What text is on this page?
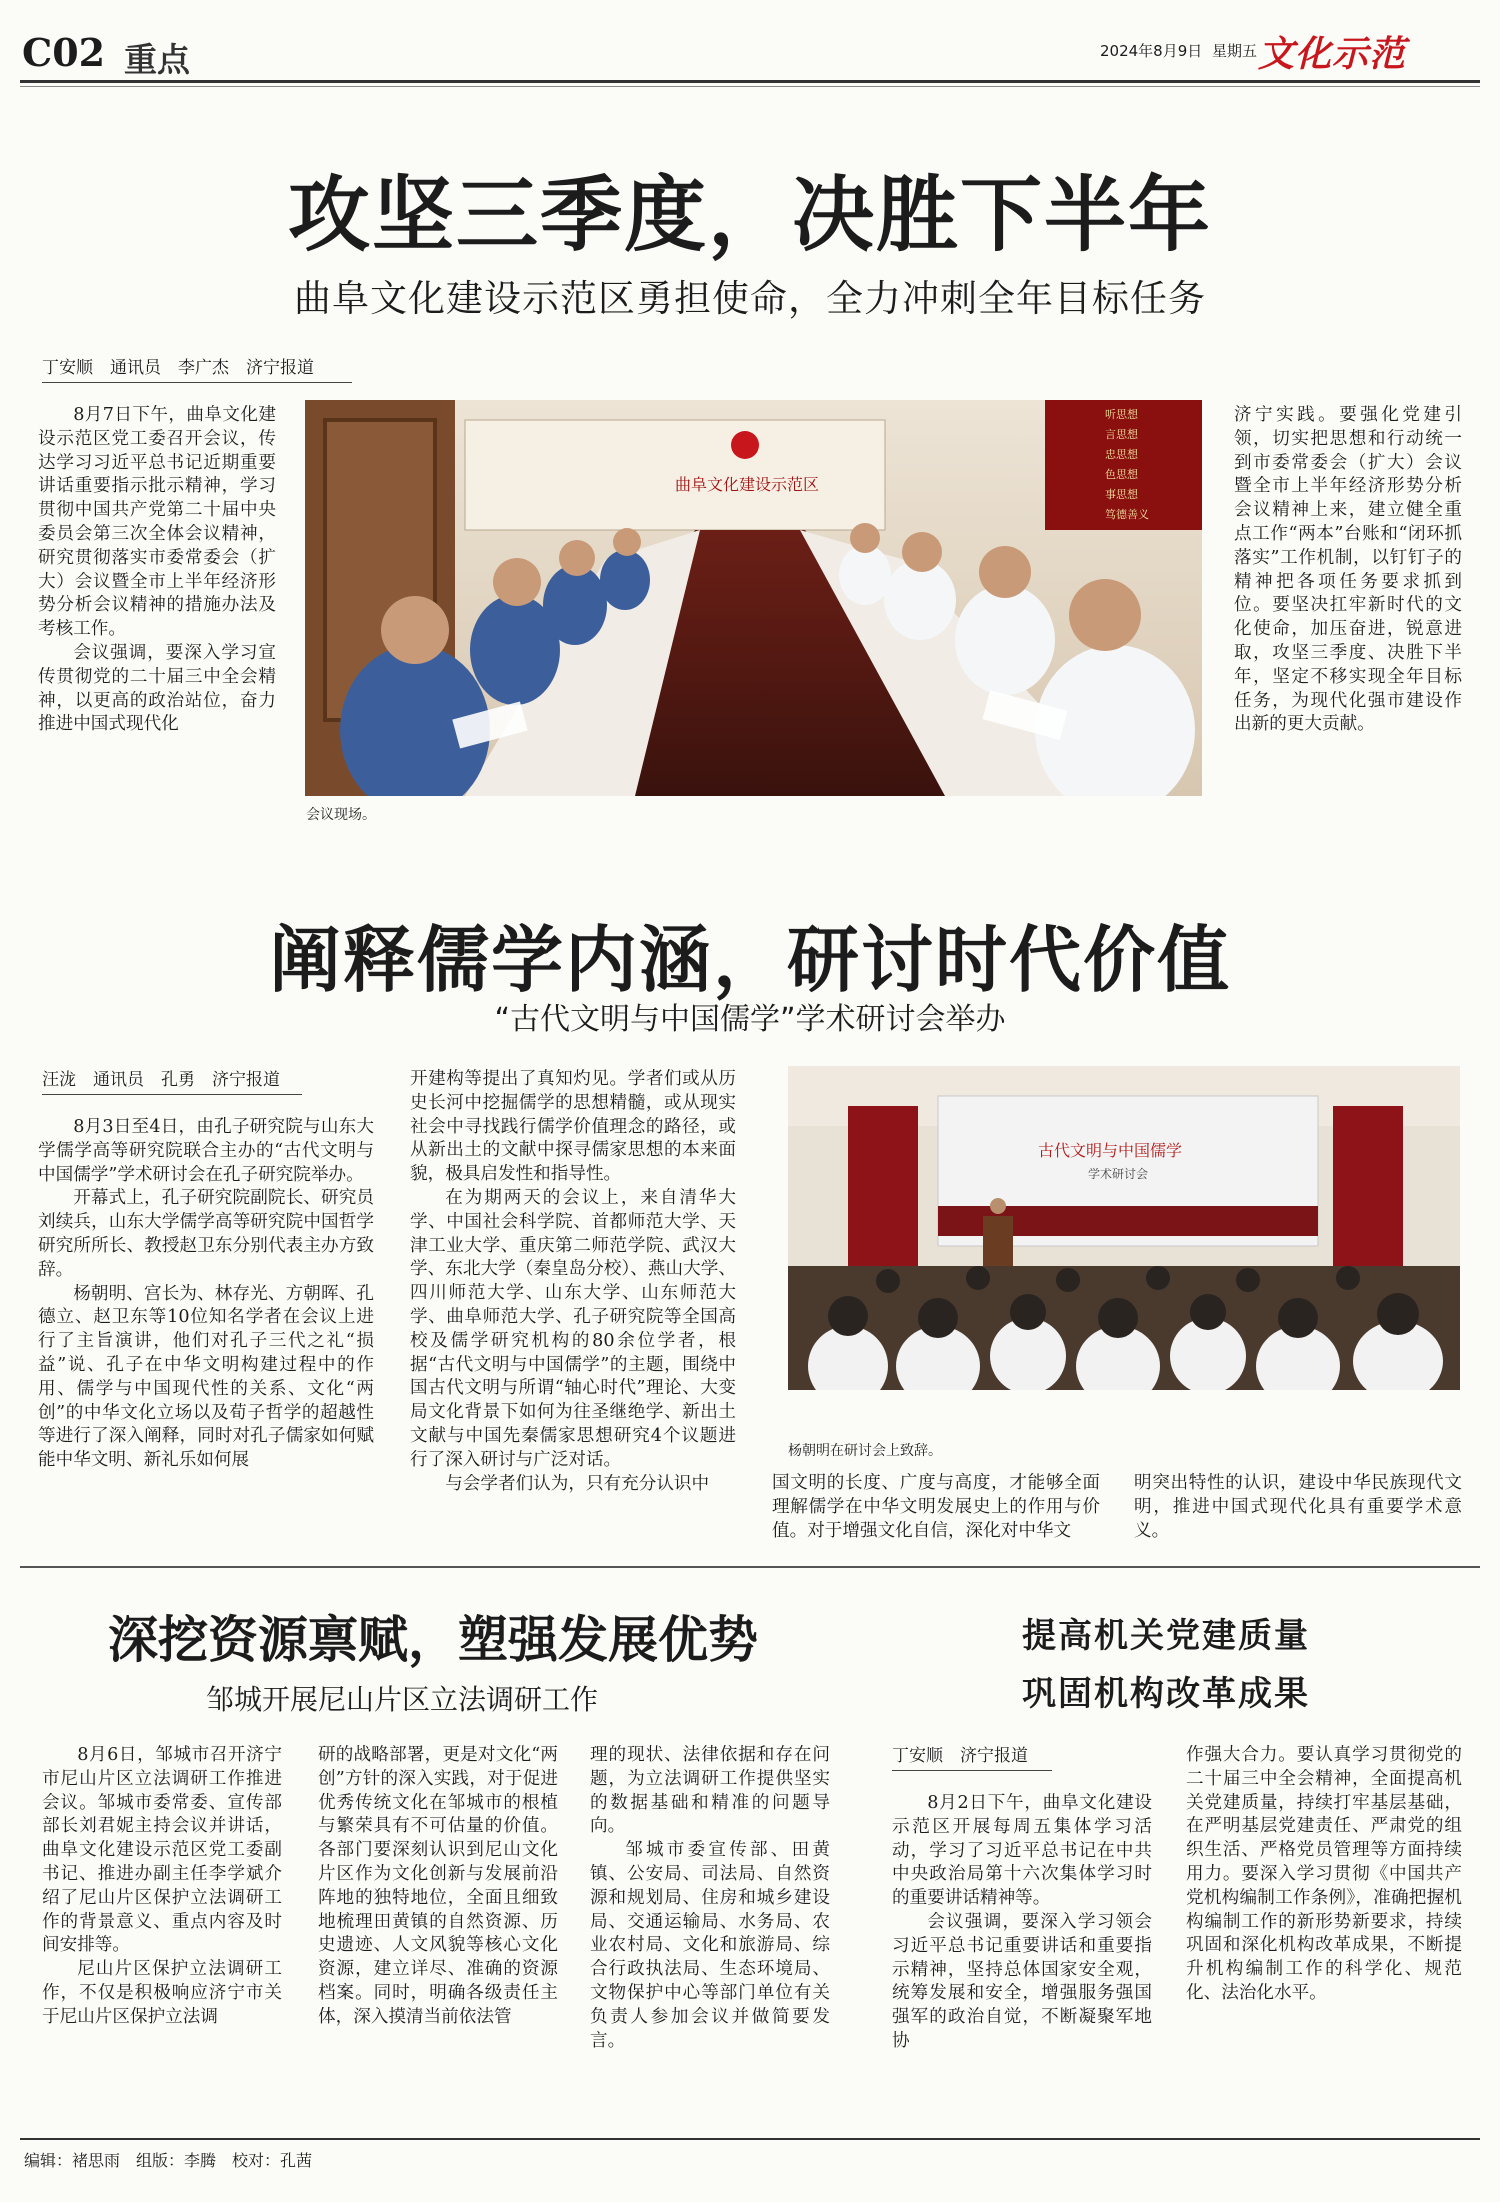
C02 重点	2024年8月9日 星期五 文化示范
攻坚三季度，决胜下半年
曲阜文化建设示范区勇担使命，全力冲刺全年目标任务
丁安顺　通讯员　李广杰　济宁报道

8月7日下午，曲阜文化建设示范区党工委召开会议，传达学习习近平总书记近期重要讲话重要指示批示精神，学习贯彻中国共产党第二十届中央委员会第三次全体会议精神，研究贯彻落实市委常委会（扩大）会议暨全市上半年经济形势分析会议精神的措施办法及考核工作。

会议强调，要深入学习宣传贯彻党的二十届三中全会精神，以更高的政治站位，奋力推进中国式现代化

曲阜文化建设示范区
听思想
言思想
忠思想
色思想
事思想
笃德善义
会议现场。

济宁实践。要强化党建引领，切实把思想和行动统一到市委常委会（扩大）会议暨全市上半年经济形势分析会议精神上来，建立健全重点工作“两本”台账和“闭环抓落实”工作机制，以钉钉子的精神把各项任务要求抓到位。要坚决扛牢新时代的文化使命，加压奋进，锐意进取，攻坚三季度、决胜下半年，坚定不移实现全年目标任务，为现代化强市建设作出新的更大贡献。

阐释儒学内涵，研讨时代价值
“古代文明与中国儒学”学术研讨会举办
汪泷　通讯员　孔勇　济宁报道

8月3日至4日，由孔子研究院与山东大学儒学高等研究院联合主办的“古代文明与中国儒学”学术研讨会在孔子研究院举办。

开幕式上，孔子研究院副院长、研究员刘续兵，山东大学儒学高等研究院中国哲学研究所所长、教授赵卫东分别代表主办方致辞。

杨朝明、宫长为、林存光、方朝晖、孔德立、赵卫东等10位知名学者在会议上进行了主旨演讲，他们对孔子三代之礼“损益”说、孔子在中华文明构建过程中的作用、儒学与中国现代性的关系、文化“两创”的中华文化立场以及荀子哲学的超越性等进行了深入阐释，同时对孔子儒家如何赋能中华文明、新礼乐如何展

开建构等提出了真知灼见。学者们或从历史长河中挖掘儒学的思想精髓，或从现实社会中寻找践行儒学价值理念的路径，或从新出土的文献中探寻儒家思想的本来面貌，极具启发性和指导性。

在为期两天的会议上，来自清华大学、中国社会科学院、首都师范大学、天津工业大学、重庆第二师范学院、武汉大学、东北大学（秦皇岛分校）、燕山大学、四川师范大学、山东大学、山东师范大学、曲阜师范大学、孔子研究院等全国高校及儒学研究机构的80余位学者，根据“古代文明与中国儒学”的主题，围绕中国古代文明与所谓“轴心时代”理论、大变局文化背景下如何为往圣继绝学、新出土文献与中国先秦儒家思想研究4个议题进行了深入研讨与广泛对话。

与会学者们认为，只有充分认识中

古代文明与中国儒学
学术研讨会
杨朝明在研讨会上致辞。

国文明的长度、广度与高度，才能够全面理解儒学在中华文明发展史上的作用与价值。对于增强文化自信，深化对中华文

明突出特性的认识，建设中华民族现代文明，推进中国式现代化具有重要学术意义。

深挖资源禀赋，塑强发展优势
邹城开展尼山片区立法调研工作

8月6日，邹城市召开济宁市尼山片区立法调研工作推进会议。邹城市委常委、宣传部部长刘君妮主持会议并讲话，曲阜文化建设示范区党工委副书记、推进办副主任李学斌介绍了尼山片区保护立法调研工作的背景意义、重点内容及时间安排等。

尼山片区保护立法调研工作，不仅是积极响应济宁市关于尼山片区保护立法调

研的战略部署，更是对文化“两创”方针的深入实践，对于促进优秀传统文化在邹城市的根植与繁荣具有不可估量的价值。各部门要深刻认识到尼山文化片区作为文化创新与发展前沿阵地的独特地位，全面且细致地梳理田黄镇的自然资源、历史遗迹、人文风貌等核心文化资源，建立详尽、准确的资源档案。同时，明确各级责任主体，深入摸清当前依法管

理的现状、法律依据和存在问题，为立法调研工作提供坚实的数据基础和精准的问题导向。

邹城市委宣传部、田黄镇、公安局、司法局、自然资源和规划局、住房和城乡建设局、交通运输局、水务局、农业农村局、文化和旅游局、综合行政执法局、生态环境局、文物保护中心等部门单位有关负责人参加会议并做简要发言。

提高机关党建质量
巩固机构改革成果
丁安顺　济宁报道

8月2日下午，曲阜文化建设示范区开展每周五集体学习活动，学习了习近平总书记在中共中央政治局第十六次集体学习时的重要讲话精神等。

会议强调，要深入学习领会习近平总书记重要讲话和重要指示精神，坚持总体国家安全观，统筹发展和安全，增强服务强国强军的政治自觉，不断凝聚军地协

作强大合力。要认真学习贯彻党的二十届三中全会精神，全面提高机关党建质量，持续打牢基层基础，在严明基层党建责任、严肃党的组织生活、严格党员管理等方面持续用力。要深入学习贯彻《中国共产党机构编制工作条例》，准确把握机构编制工作的新形势新要求，持续巩固和深化机构改革成果，不断提升机构编制工作的科学化、规范化、法治化水平。

编辑：褚思雨　组版：李腾　校对：孔茜
